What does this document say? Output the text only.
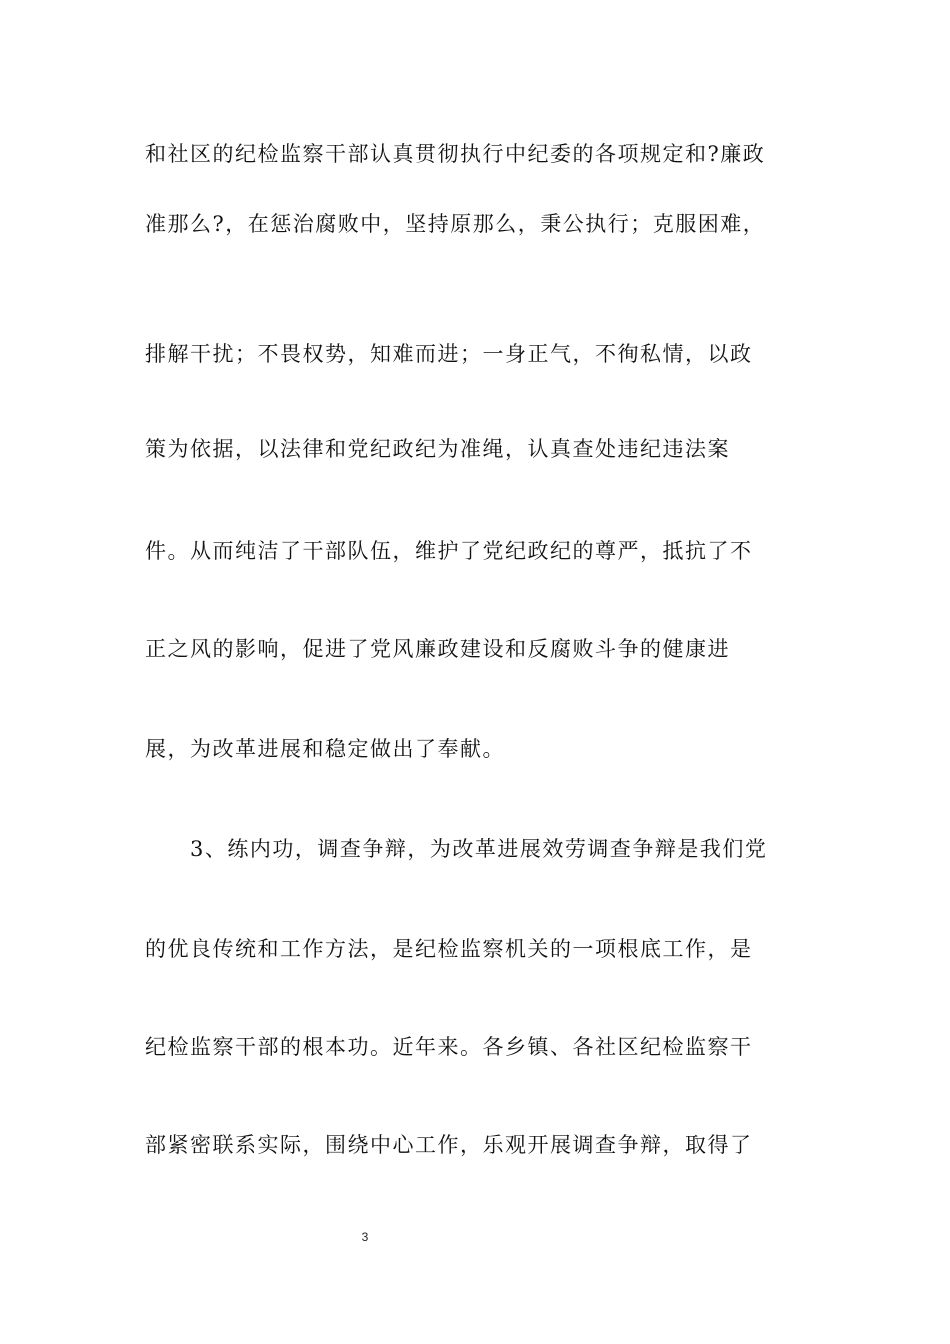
和社区的纪检监察干部认真贯彻执行中纪委的各项规定和?廉政
准那么?，在惩治腐败中，坚持原那么，秉公执行；克服困难，
排解干扰；不畏权势，知难而进；一身正气，不徇私情，以政
策为依据，以法律和党纪政纪为准绳，认真查处违纪违法案
件。从而纯洁了干部队伍，维护了党纪政纪的尊严，抵抗了不
正之风的影响，促进了党风廉政建设和反腐败斗争的健康进
展，为改革进展和稳定做出了奉献。
3、练内功，调查争辩，为改革进展效劳调查争辩是我们党
的优良传统和工作方法，是纪检监察机关的一项根底工作，是
纪检监察干部的根本功。近年来。各乡镇、各社区纪检监察干
部紧密联系实际，围绕中心工作，乐观开展调查争辩，取得了
3
